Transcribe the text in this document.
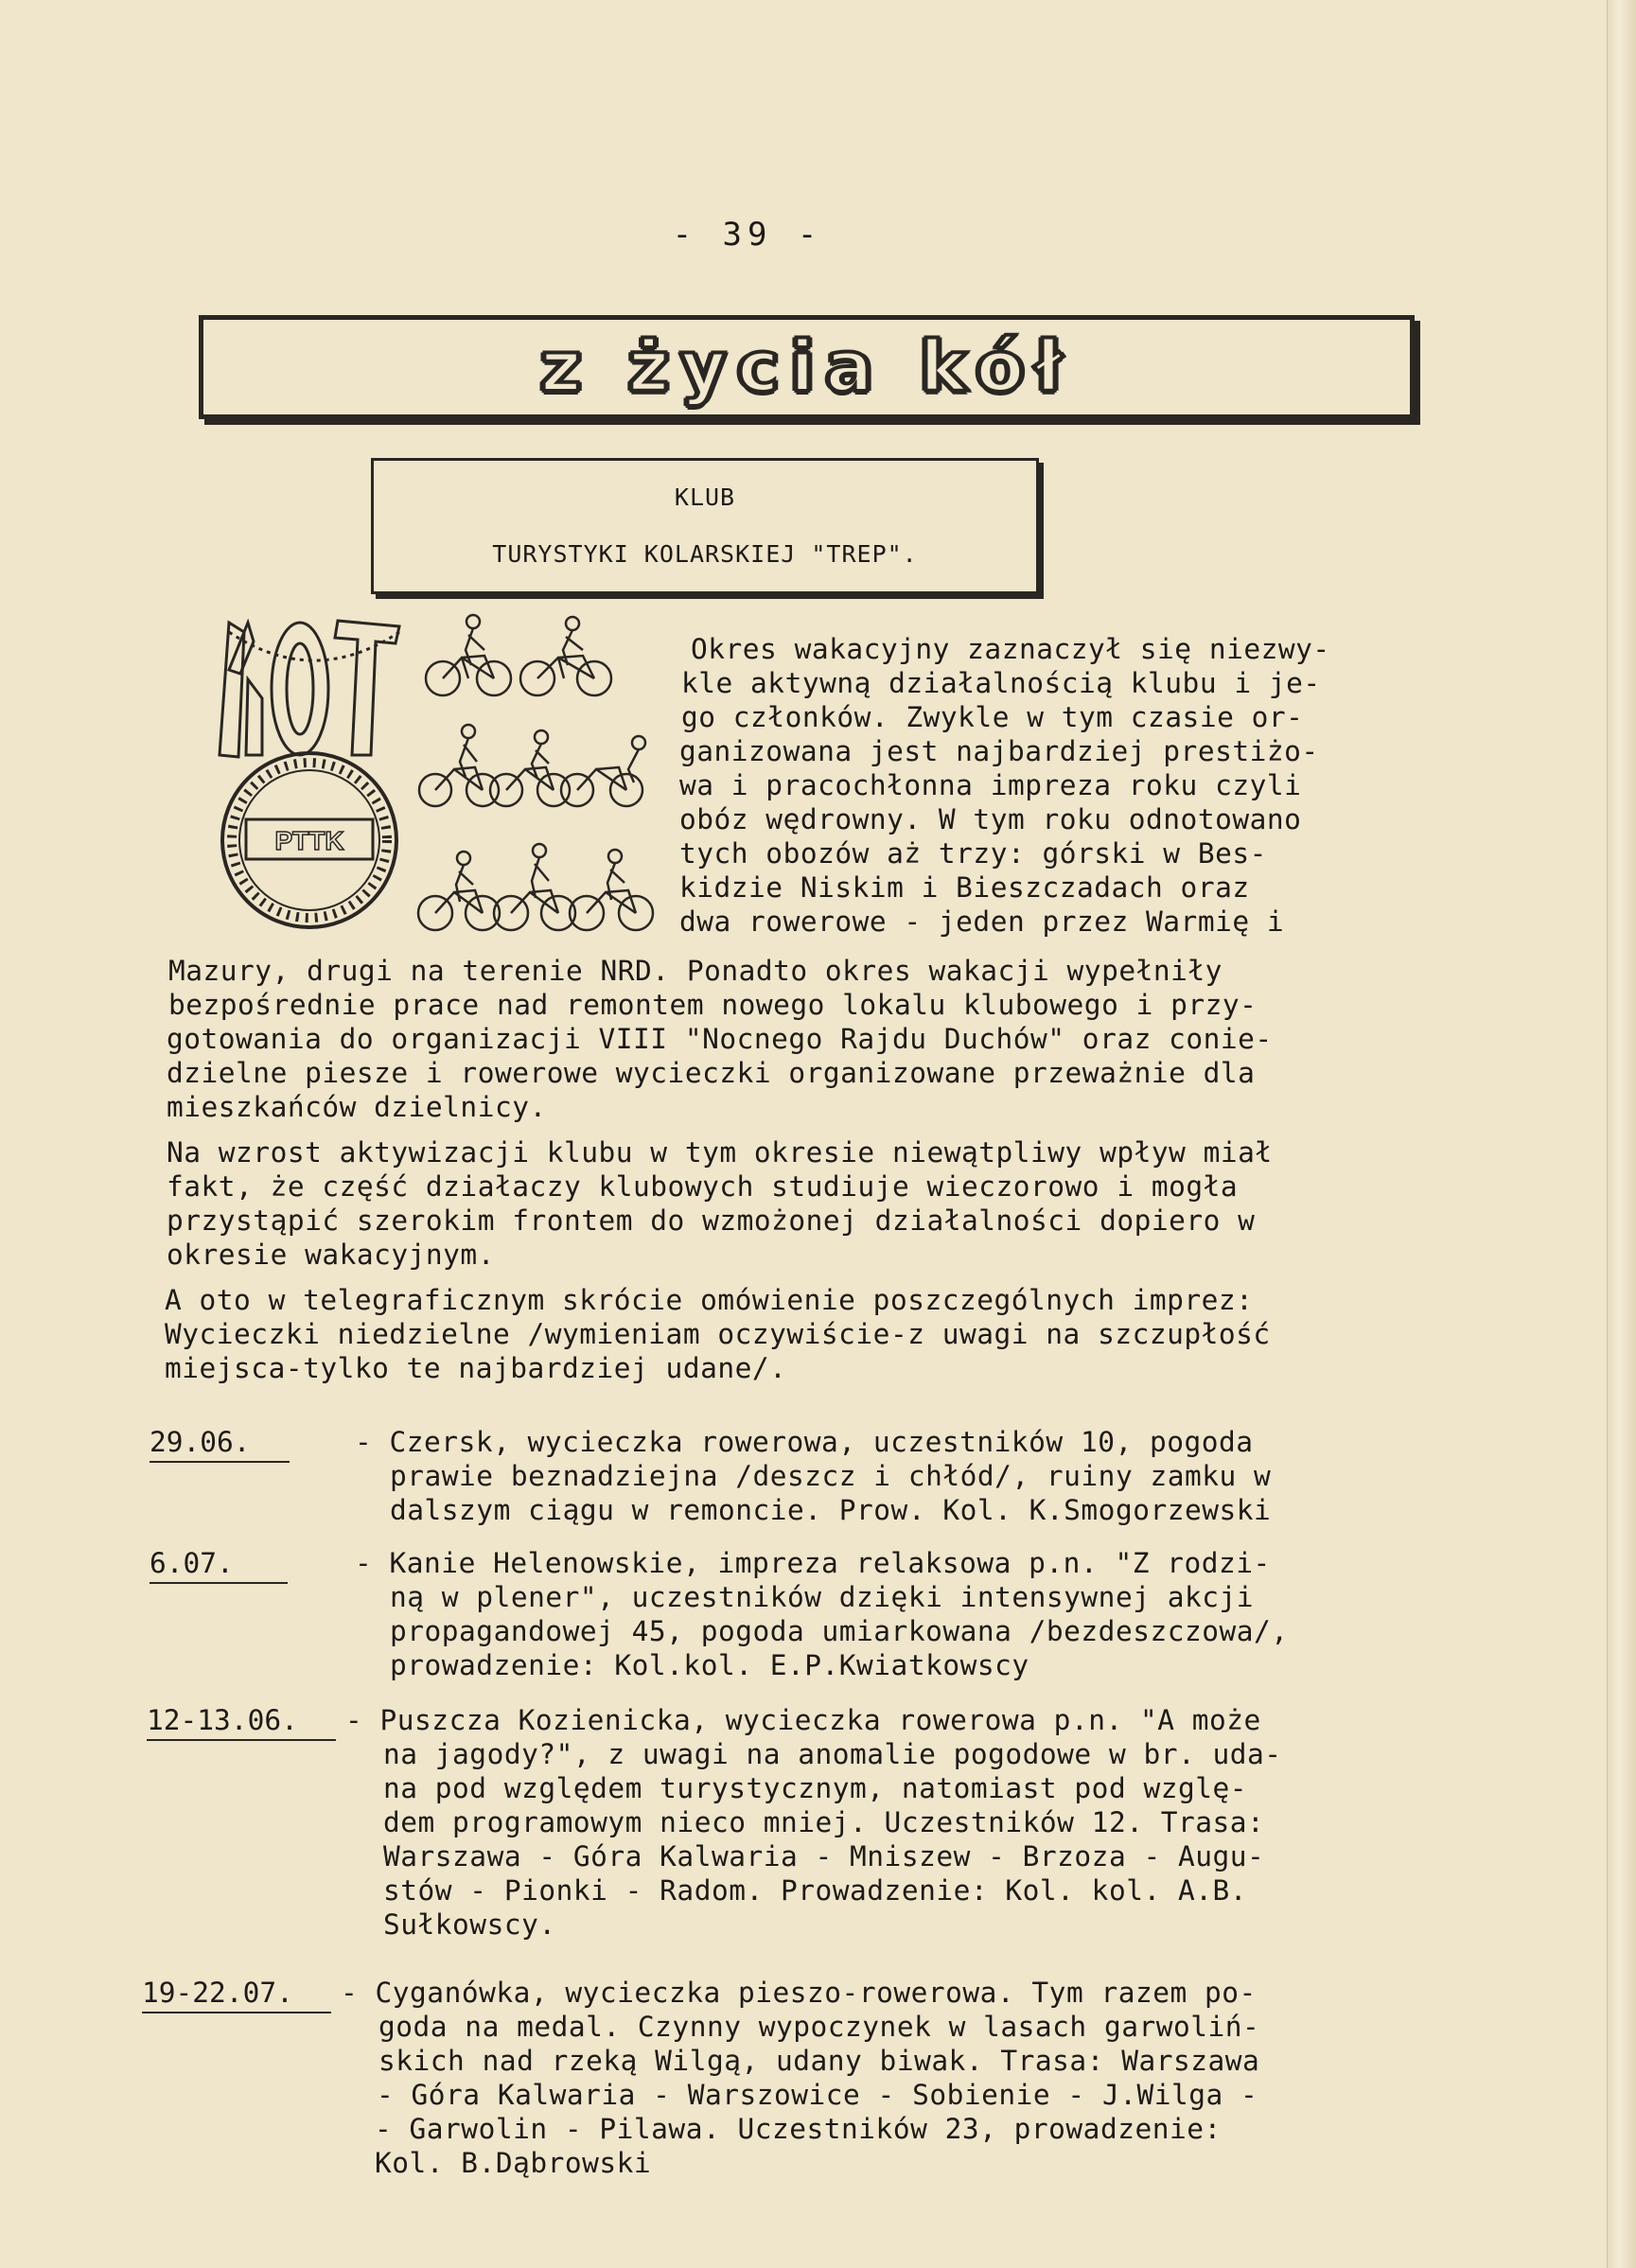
- 39 -
z życia kół
KLUB
TURYSTYKI KOLARSKIEJ "TREP".
PTTK
Okres wakacyjny zaznaczył się niezwy-
kle aktywną działalnością klubu i je-
go członków. Zwykle w tym czasie or-
ganizowana jest najbardziej prestiżo-
wa i pracochłonna impreza roku czyli
obóz wędrowny. W tym roku odnotowano
tych obozów aż trzy: górski w Bes-
kidzie Niskim i Bieszczadach oraz
dwa rowerowe - jeden przez Warmię i
Mazury, drugi na terenie NRD. Ponadto okres wakacji wypełniły
bezpośrednie prace nad remontem nowego lokalu klubowego i przy-
gotowania do organizacji VIII "Nocnego Rajdu Duchów" oraz conie-
dzielne piesze i rowerowe wycieczki organizowane przeważnie dla
mieszkańców dzielnicy.
Na wzrost aktywizacji klubu w tym okresie niewątpliwy wpływ miał
fakt, że część działaczy klubowych studiuje wieczorowo i mogła
przystąpić szerokim frontem do wzmożonej działalności dopiero w
okresie wakacyjnym.
A oto w telegraficznym skrócie omówienie poszczególnych imprez:
Wycieczki niedzielne /wymieniam oczywiście-z uwagi na szczupłość
miejsca-tylko te najbardziej udane/.
29.06.	- Czersk, wycieczka rowerowa, uczestników 10, pogoda
prawie beznadziejna /deszcz i chłód/, ruiny zamku w
dalszym ciągu w remoncie. Prow. Kol. K.Smogorzewski
6.07.	- Kanie Helenowskie, impreza relaksowa p.n. "Z rodzi-
ną w plener", uczestników dzięki intensywnej akcji
propagandowej 45, pogoda umiarkowana /bezdeszczowa/,
prowadzenie: Kol.kol. E.P.Kwiatkowscy
12-13.06.	- Puszcza Kozienicka, wycieczka rowerowa p.n. "A może
na jagody?", z uwagi na anomalie pogodowe w br. uda-
na pod względem turystycznym, natomiast pod wzglę-
dem programowym nieco mniej. Uczestników 12. Trasa:
Warszawa - Góra Kalwaria - Mniszew - Brzoza - Augu-
stów - Pionki - Radom. Prowadzenie: Kol. kol. A.B.
Sułkowscy.
19-22.07.	- Cyganówka, wycieczka pieszo-rowerowa. Tym razem po-
goda na medal. Czynny wypoczynek w lasach garwoliń-
skich nad rzeką Wilgą, udany biwak. Trasa: Warszawa
- Góra Kalwaria - Warszowice - Sobienie - J.Wilga -
- Garwolin - Pilawa. Uczestników 23, prowadzenie:
Kol. B.Dąbrowski
